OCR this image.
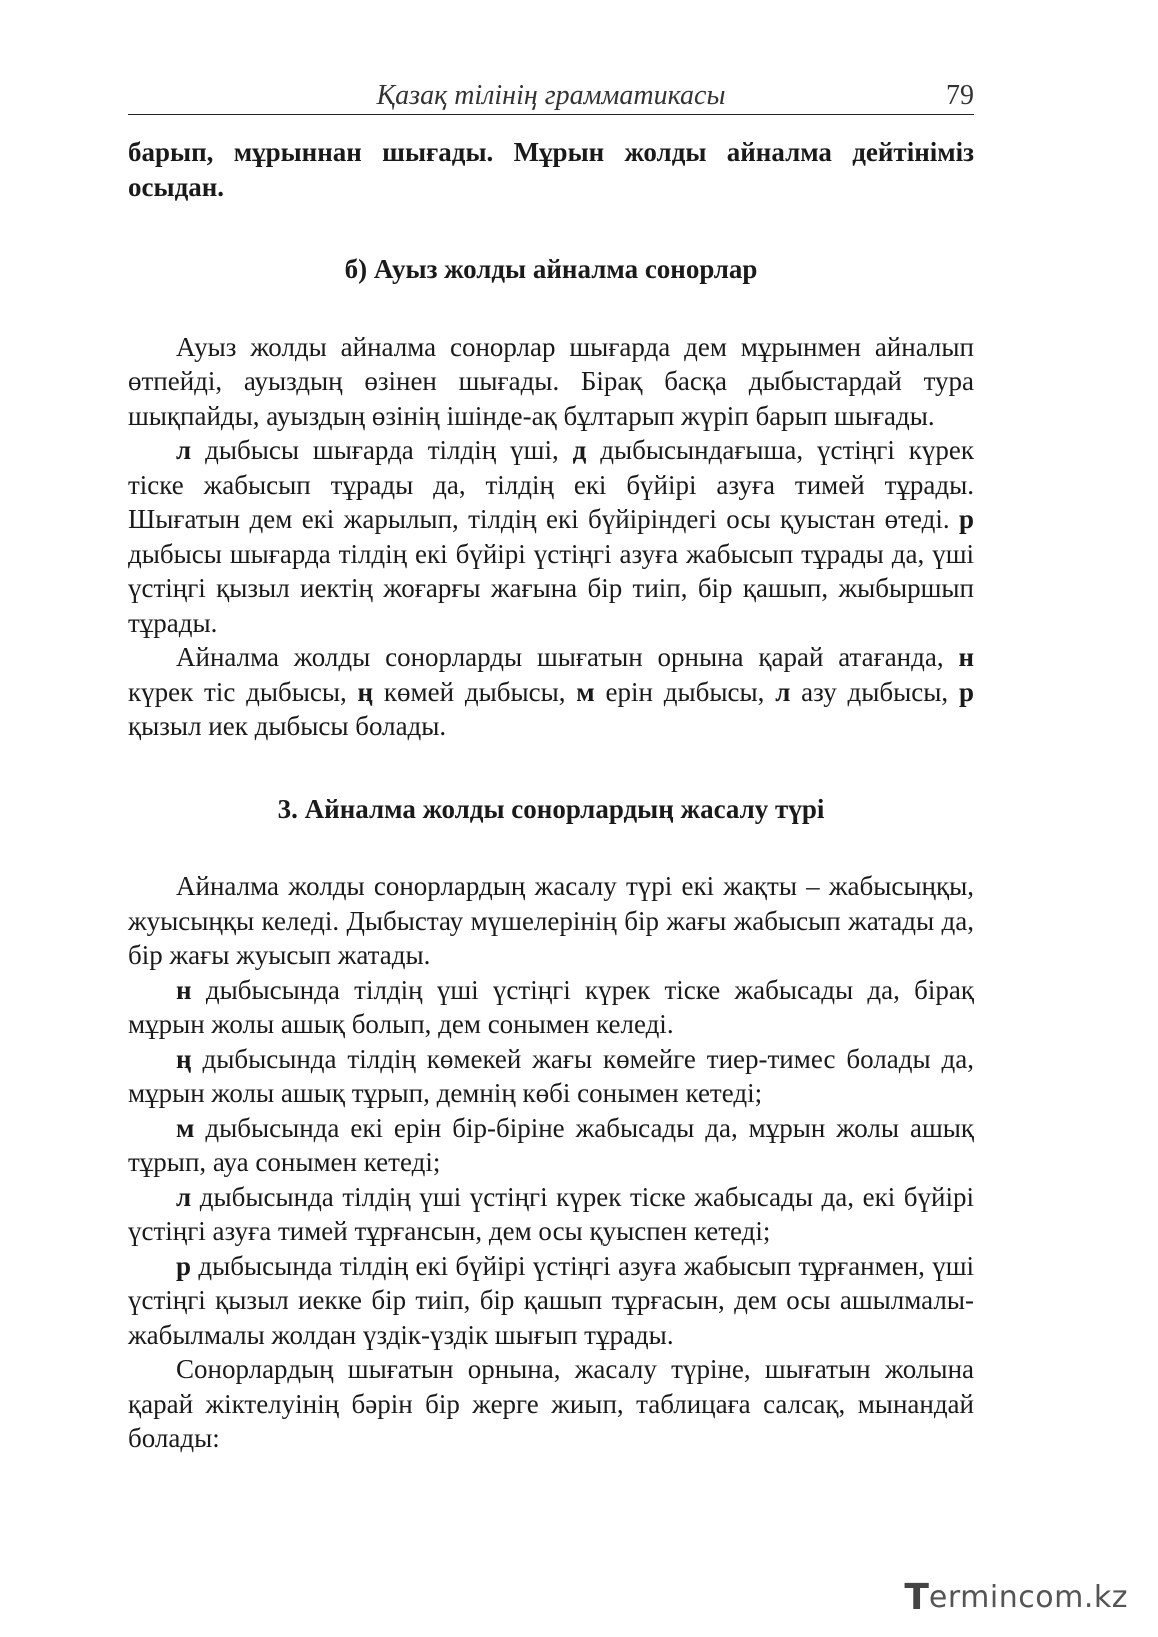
Қазақ тілінің грамматикасы	79

барып, мұрыннан шығады. Мұрын жолды айналма дейтініміз осыдан.

б) Ауыз жолды айналма сонорлар

Ауыз жолды айналма сонорлар шығарда дем мұрынмен айналып өтпейді, ауыздың өзінен шығады. Бірақ басқа дыбыстардай тура шықпайды, ауыздың өзінің ішінде-ақ бұлтарып жүріп барып шығады.

л дыбысы шығарда тілдің үші, д дыбысындағыша, үстіңгі күрек тіске жабысып тұрады да, тілдің екі бүйірі азуға тимей тұрады. Шығатын дем екі жарылып, тілдің екі бүйіріндегі осы қуыстан өтеді. р дыбысы шығарда тілдің екі бүйірі үстіңгі азуға жабысып тұрады да, үші үстіңгі қызыл иектің жоғарғы жағына бір тиіп, бір қашып, жыбыршып тұрады.

Айналма жолды сонорларды шығатын орнына қарай атағанда, н күрек тіс дыбысы, ң көмей дыбысы, м ерін дыбысы, л азу дыбысы, р қызыл иек дыбысы болады.

3. Айналма жолды сонорлардың жасалу түрі

Айналма жолды сонорлардың жасалу түрі екі жақты – жабысыңқы, жуысыңқы келеді. Дыбыстау мүшелерінің бір жағы жабысып жатады да, бір жағы жуысып жатады.

н дыбысында тілдің үші үстіңгі күрек тіске жабысады да, бірақ мұрын жолы ашық болып, дем сонымен келеді.

ң дыбысында тілдің көмекей жағы көмейге тиер-тимес болады да, мұрын жолы ашық тұрып, демнің көбі сонымен кетеді;

м дыбысында екі ерін бір-біріне жабысады да, мұрын жолы ашық тұрып, ауа сонымен кетеді;

л дыбысында тілдің үші үстіңгі күрек тіске жабысады да, екі бүйірі үстіңгі азуға тимей тұрғансын, дем осы қуыспен кетеді;

р дыбысында тілдің екі бүйірі үстіңгі азуға жабысып тұрғанмен, үші үстіңгі қызыл иекке бір тиіп, бір қашып тұрғасын, дем осы ашылмалы-жабылмалы жолдан үздік-үздік шығып тұрады.

Сонорлардың шығатын орнына, жасалу түріне, шығатын жолына қарай жіктелуінің бәрін бір жерге жиып, таблицаға салсақ, мынандай болады:

T ermincom.kz
